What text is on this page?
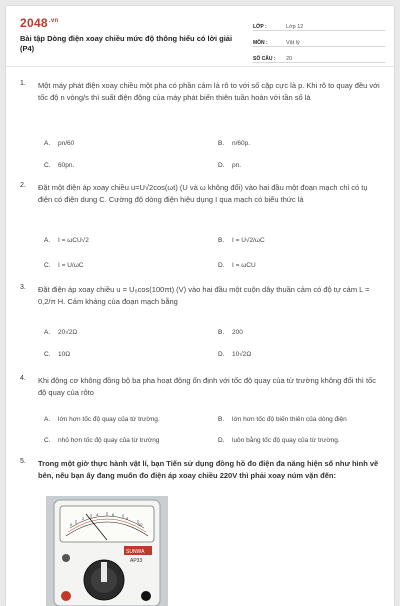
$2048^{.vn}$
Bài tập Dòng điện xoay chiều mức độ thông hiểu có lời giải (P4)
LỚP :	Lớp 12
MÔN :	Vật lý
SỐ CÂU :	20
1. Một máy phát điện xoay chiều một pha có phần cảm là rô to với số cặp cực là p. Khi rô to quay đều với tốc độ n vòng/s thì suất điện động của máy phát biến thiên tuần hoàn với tần số là
A. pn/60	B. n/60p.
C. 60pn.	D. pn.
2. Đặt một điện áp xoay chiều u=U√2cos(ωt) (U và ω không đổi) vào hai đầu một đoạn mạch chỉ có tụ điện có điện dung C. Cường độ dòng điện hiệu dụng I qua mạch có biểu thức là
A. I = ωCU√2	B. I = U√2/ωC
C. I = U/ωC	D. I = ωCU
3. Đặt điện áp xoay chiều u = U₀cos(100πt) (V) vào hai đầu một cuộn dây thuần cảm có độ tự cảm L = 0,2/π H. Cảm kháng của đoạn mạch bằng
A. 20√2Ω	B. 200
C. 10Ω	D. 10√2Ω
4. Khi động cơ không đồng bộ ba pha hoạt động ổn định với tốc độ quay của từ trường không đổi thì tốc độ quay của rôto
A. lớn hơn tốc độ quay của từ trường.	B. lớn hơn tốc độ biến thiên của dòng điện
C. nhỏ hơn tốc độ quay của từ trường	D. luôn bằng tốc độ quay của từ trường.
5. Trong một giờ thực hành vật lí, bạn Tiến sử dụng đồng hồ đo điện đa năng hiện số như hình vẽ bên, nếu bạn ấy đang muốn đo điện áp xoay chiều 220V thì phải xoay núm vặn đến:
0
2
4	6
8
10
SUNWA
AP33
